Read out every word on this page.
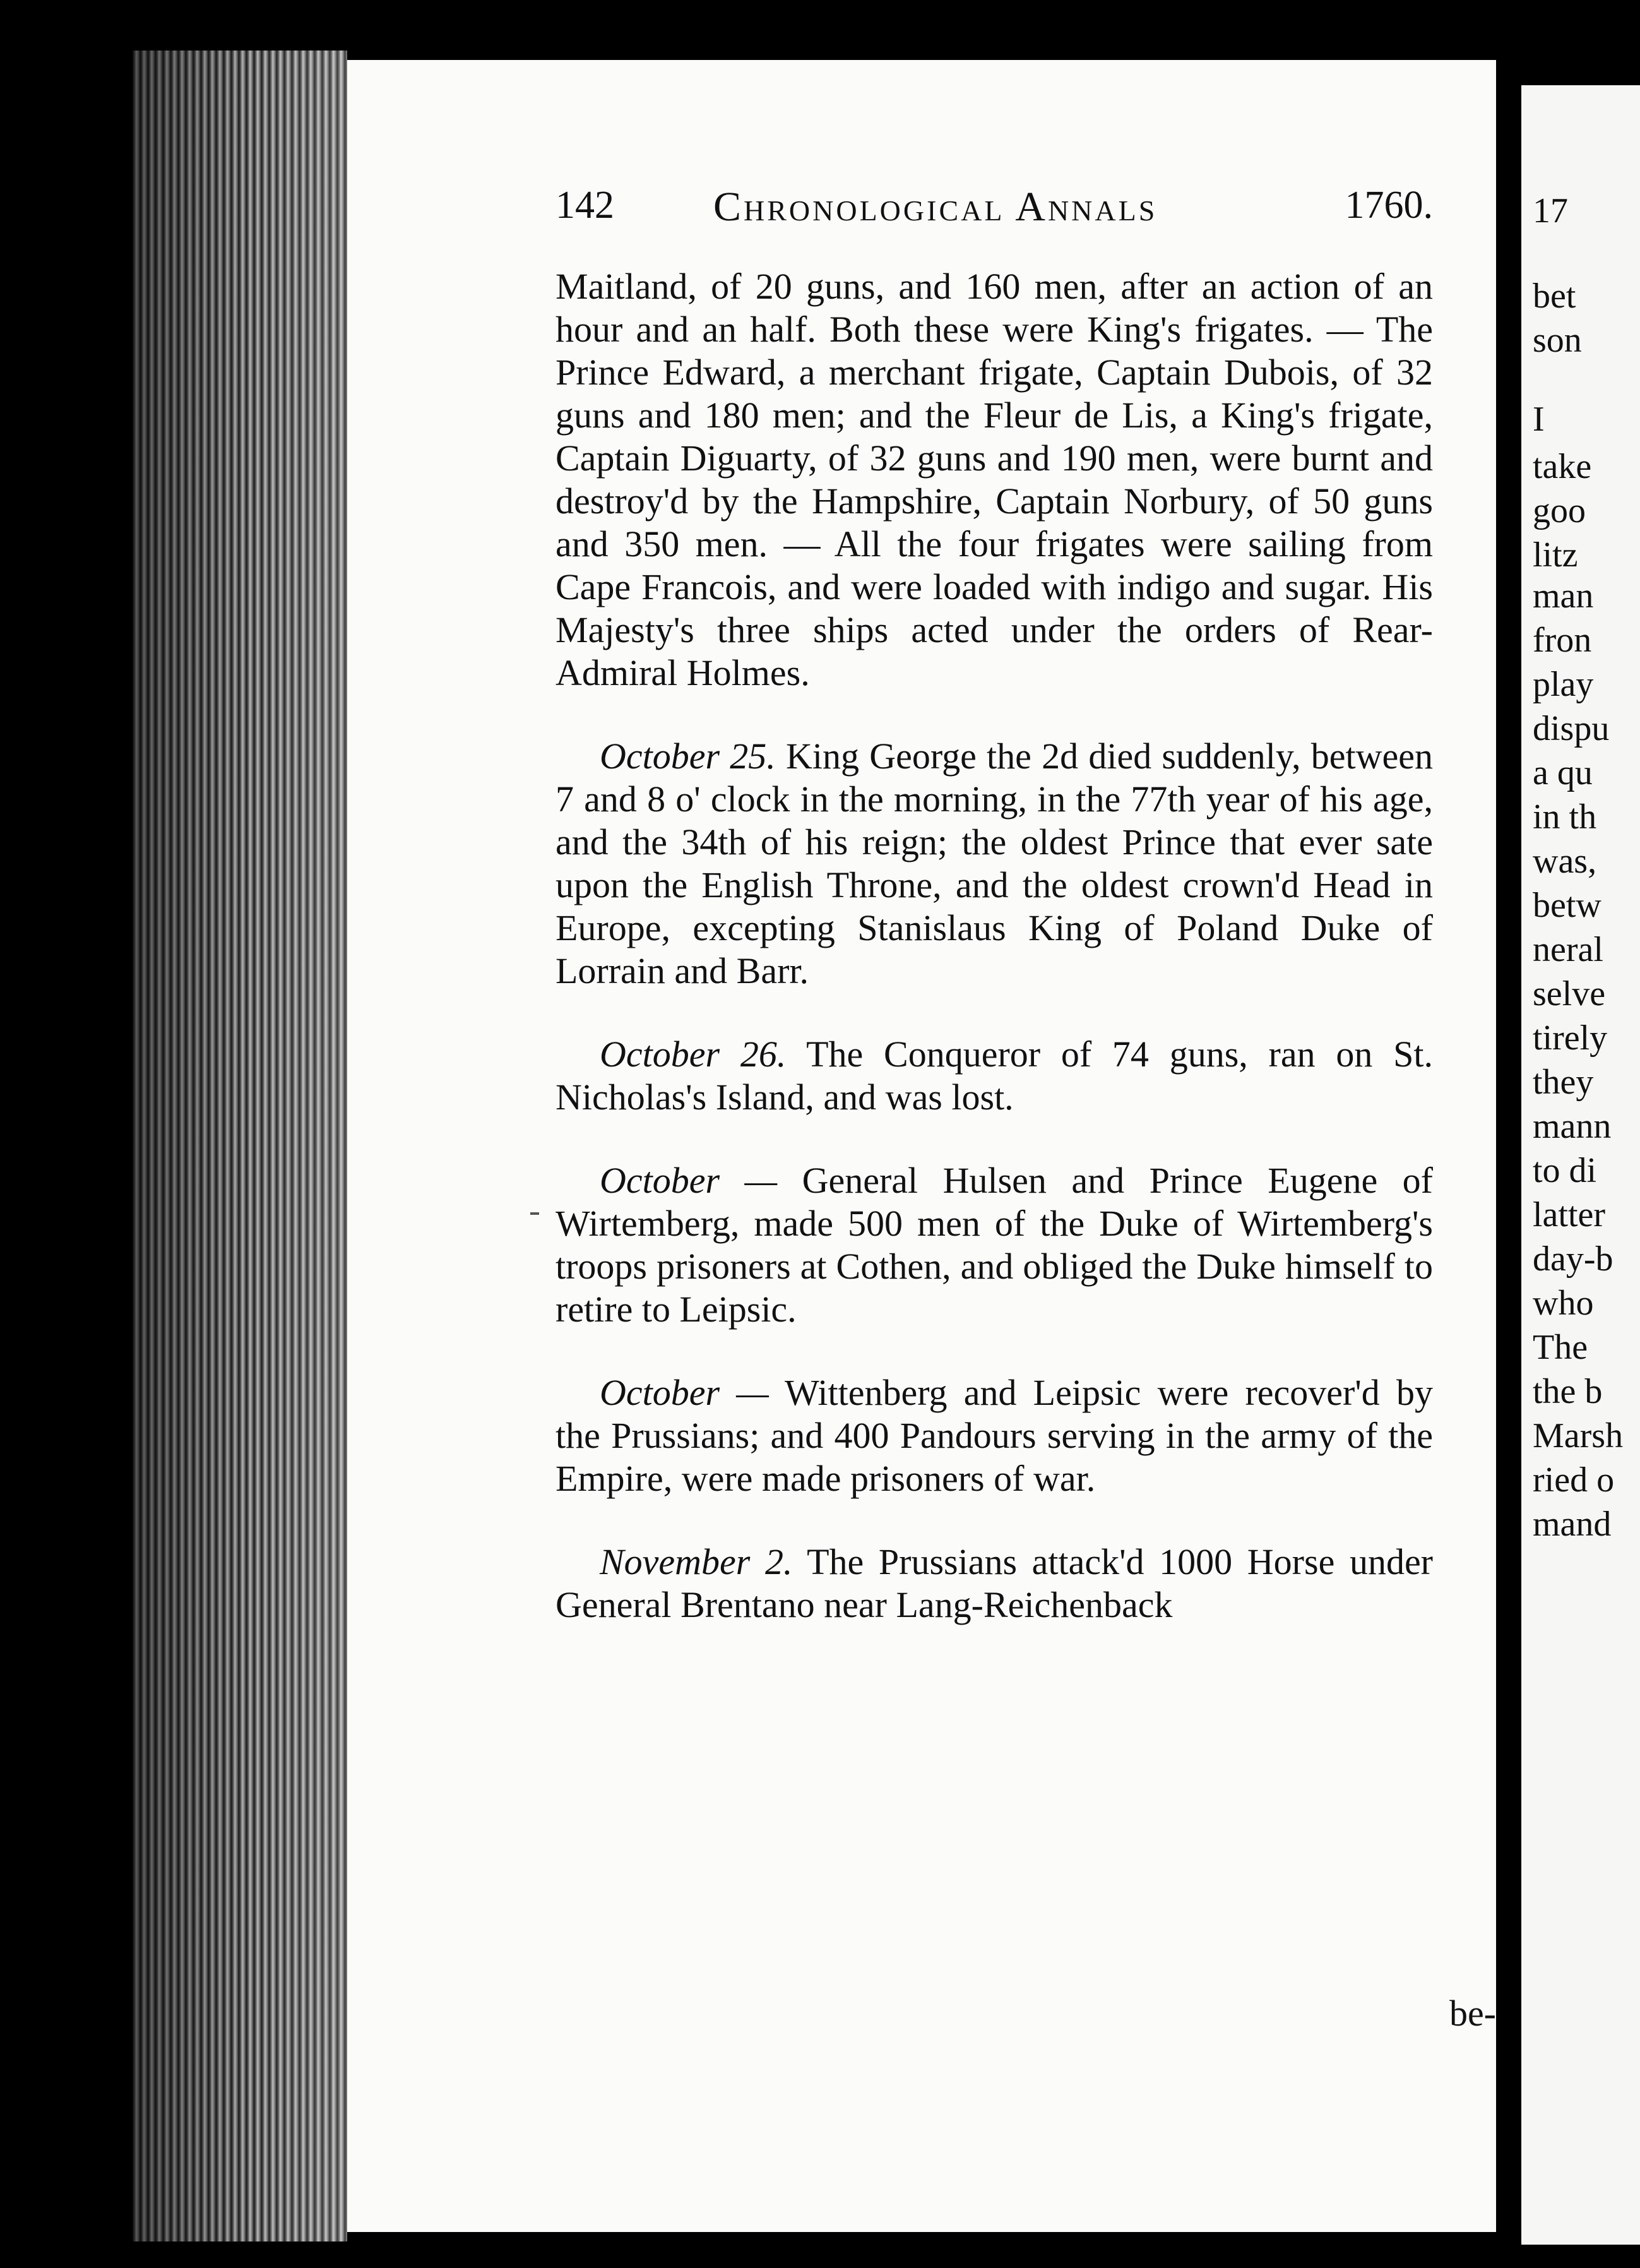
17
bet
son
I
take
goo
litz
man
fron
play
dispu
a qu
in th
was,
betw
neral
selve
tirely
they
mann
to di
latter
day-b
who
The
the b
Marsh
ried o
mand
142 Chronological Annals	1760.

Maitland, of 20 guns, and 160 men, after an action of an hour and an half. Both these were King's frigates. — The Prince Edward, a merchant frigate, Captain Dubois, of 32 guns and 180 men; and the Fleur de Lis, a King's frigate, Captain Diguarty, of 32 guns and 190 men, were burnt and destroy'd by the Hampshire, Captain Norbury, of 50 guns and 350 men. — All the four frigates were sailing from Cape Francois, and were loaded with indigo and sugar. His Majesty's three ships acted under the orders of Rear-Admiral Holmes.

October 25. King George the 2d died suddenly, between 7 and 8 o' clock in the morning, in the 77th year of his age, and the 34th of his reign; the oldest Prince that ever sate upon the English Throne, and the oldest crown'd Head in Europe, excepting Stanislaus King of Poland Duke of Lorrain and Barr.

October 26. The Conqueror of 74 guns, ran on St. Nicholas's Island, and was lost.

October — General Hulsen and Prince Eugene of Wirtemberg, made 500 men of the Duke of Wirtemberg's troops prisoners at Cothen, and obliged the Duke himself to retire to Leipsic.

October — Wittenberg and Leipsic were recover'd by the Prussians; and 400 Pandours serving in the army of the Empire, were made prisoners of war.

November 2. The Prussians attack'd 1000 Horse under General Brentano near Lang-Reichenback

be-
